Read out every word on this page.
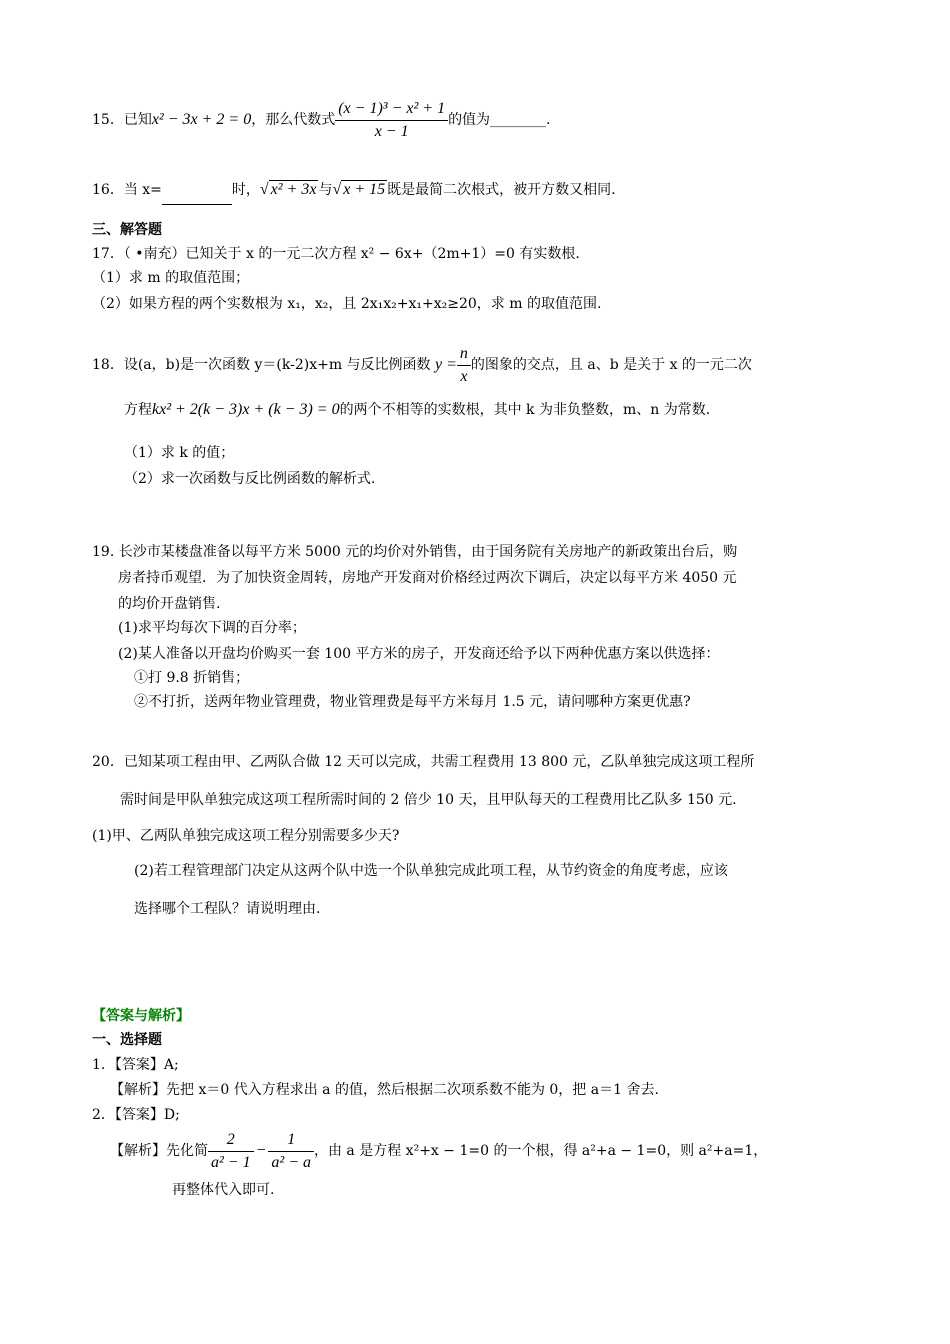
15．已知x² − 3x + 2 = 0，那么代数式 $\frac{\text{(x − 1)³ − x² + 1}}{x - 1}$ 的值为________.
16．当 x=	时，√ x² + 3x 与√ x + 15 既是最简二次根式，被开方数又相同.
三、解答题
17．（ •南充）已知关于 x 的一元二次方程 x² − 6x+（2m+1）=0 有实数根.
（1）求 m 的取值范围；
（2）如果方程的两个实数根为 x₁，x₂，且 2x₁x₂+x₁+x₂≥20，求 m 的取值范围.
18．设(a，b)是一次函数 y＝(k-2)x+m 与反比例函数 $y = \frac{n}{x}$ 的图象的交点，且 a、b 是关于 x 的一元二次
方程kx² + 2(k − 3)x + (k − 3) = 0的两个不相等的实数根，其中 k 为非负整数，m、n 为常数.
（1）求 k 的值；
（2）求一次函数与反比例函数的解析式.
19. 长沙市某楼盘准备以每平方米 5000 元的均价对外销售，由于国务院有关房地产的新政策出台后，购
房者持币观望．为了加快资金周转，房地产开发商对价格经过两次下调后，决定以每平方米 4050 元
的均价开盘销售.
(1)求平均每次下调的百分率；
(2)某人准备以开盘均价购买一套 100 平方米的房子，开发商还给予以下两种优惠方案以供选择：
①打 9.8 折销售；
②不打折，送两年物业管理费，物业管理费是每平方米每月 1.5 元，请问哪种方案更优惠?
20．已知某项工程由甲、乙两队合做 12 天可以完成，共需工程费用 13 800 元，乙队单独完成这项工程所
需时间是甲队单独完成这项工程所需时间的 2 倍少 10 天，且甲队每天的工程费用比乙队多 150 元.
(1)甲、乙两队单独完成这项工程分别需要多少天?
(2)若工程管理部门决定从这两个队中选一个队单独完成此项工程，从节约资金的角度考虑，应该
选择哪个工程队？请说明理由.
【答案与解析】
一、选择题
1．【答案】A;
【解析】先把 x＝0 代入方程求出 a 的值，然后根据二次项系数不能为 0，把 a＝1 舍去.
2．【答案】D;
【解析】先化简 $\frac{2}{\text{a² − 1}} - \frac{1}{\text{a² − a}}$ ，由 a 是方程 x²+x − 1=0 的一个根，得 a²+a − 1=0，则 a²+a=1，
再整体代入即可.
